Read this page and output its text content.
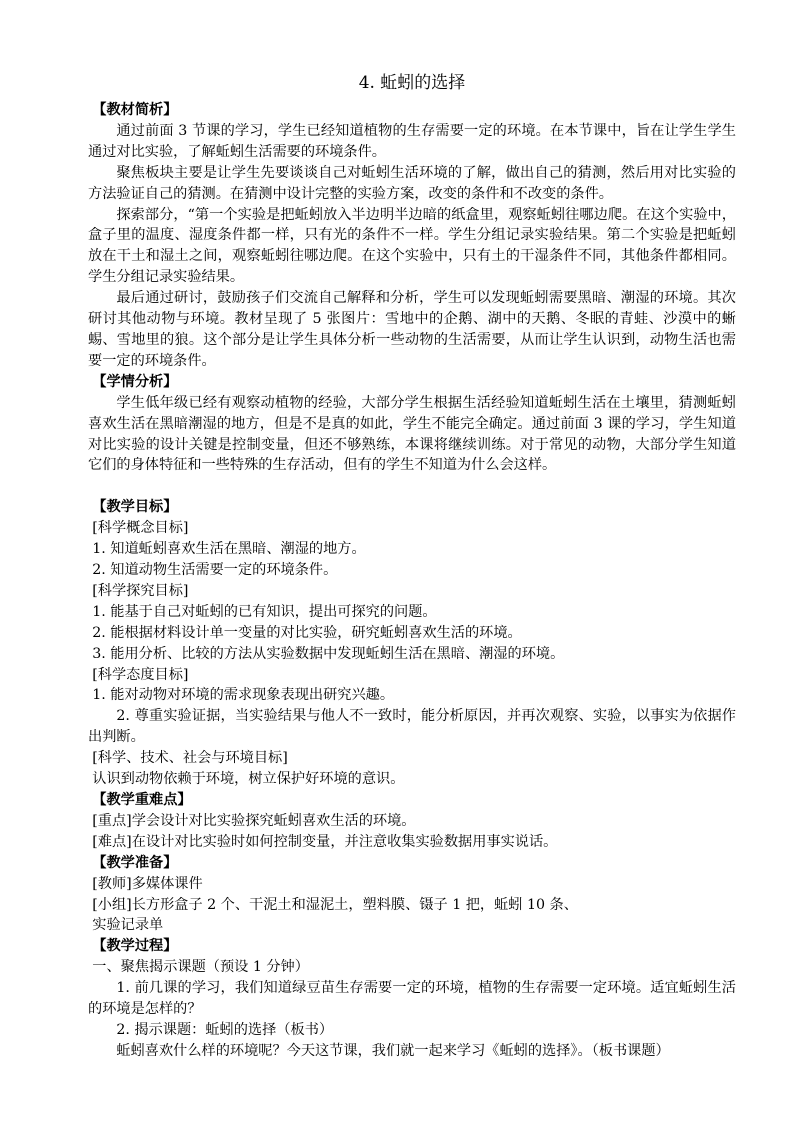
4. 蚯蚓的选择

【教材简析】

通过前面 3 节课的学习，学生已经知道植物的生存需要一定的环境。在本节课中，旨在让学生学生通过对比实验，了解蚯蚓生活需要的环境条件。

聚焦板块主要是让学生先要谈谈自己对蚯蚓生活环境的了解，做出自己的猜测，然后用对比实验的方法验证自己的猜测。在猜测中设计完整的实验方案，改变的条件和不改变的条件。

探索部分，“第一个实验是把蚯蚓放入半边明半边暗的纸盒里，观察蚯蚓往哪边爬。在这个实验中，盒子里的温度、湿度条件都一样，只有光的条件不一样。学生分组记录实验结果。第二个实验是把蚯蚓放在干土和湿土之间，观察蚯蚓往哪边爬。在这个实验中，只有土的干湿条件不同，其他条件都相同。学生分组记录实验结果。

最后通过研讨，鼓励孩子们交流自己解释和分析，学生可以发现蚯蚓需要黑暗、潮湿的环境。其次研讨其他动物与环境。教材呈现了 5 张图片：雪地中的企鹅、湖中的天鹅、冬眠的青蛙、沙漠中的蜥蜴、雪地里的狼。这个部分是让学生具体分析一些动物的生活需要，从而让学生认识到，动物生活也需要一定的环境条件。

【学情分析】

学生低年级已经有观察动植物的经验，大部分学生根据生活经验知道蚯蚓生活在土壤里，猜测蚯蚓喜欢生活在黑暗潮湿的地方，但是不是真的如此，学生不能完全确定。通过前面 3 课的学习，学生知道对比实验的设计关键是控制变量，但还不够熟练，本课将继续训练。对于常见的动物，大部分学生知道它们的身体特征和一些特殊的生存活动，但有的学生不知道为什么会这样。

【教学目标】

[科学概念目标]

1. 知道蚯蚓喜欢生活在黑暗、潮湿的地方。

2. 知道动物生活需要一定的环境条件。

[科学探究目标]

1. 能基于自己对蚯蚓的已有知识，提出可探究的问题。

2. 能根据材料设计单一变量的对比实验，研究蚯蚓喜欢生活的环境。

3. 能用分析、比较的方法从实验数据中发现蚯蚓生活在黑暗、潮湿的环境。

[科学态度目标]

1. 能对动物对环境的需求现象表现出研究兴趣。

2. 尊重实验证据，当实验结果与他人不一致时，能分析原因，并再次观察、实验，以事实为依据作出判断。

[科学、技术、社会与环境目标]

认识到动物依赖于环境，树立保护好环境的意识。

【教学重难点】

[重点]学会设计对比实验探究蚯蚓喜欢生活的环境。

[难点]在设计对比实验时如何控制变量，并注意收集实验数据用事实说话。

【教学准备】

[教师]多媒体课件

[小组]长方形盒子 2 个、干泥土和湿泥土，塑料膜、镊子 1 把，蚯蚓 10 条、

实验记录单

【教学过程】

一、聚焦揭示课题（预设 1 分钟）

1. 前几课的学习，我们知道绿豆苗生存需要一定的环境，植物的生存需要一定环境。适宜蚯蚓生活的环境是怎样的？

2. 揭示课题：蚯蚓的选择（板书）

蚯蚓喜欢什么样的环境呢？今天这节课，我们就一起来学习《蚯蚓的选择》。（板书课题）
